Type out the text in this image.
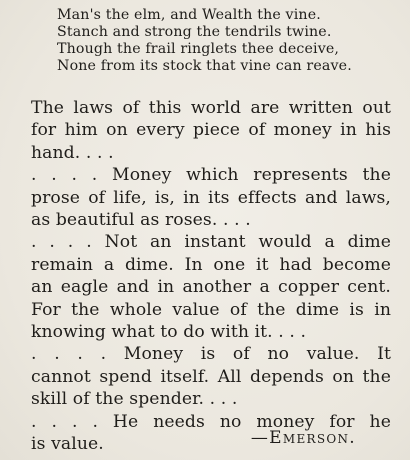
Man's the elm, and Wealth the vine.
Stanch and strong the tendrils twine.
Though the frail ringlets thee deceive,
None from its stock that vine can reave.
The laws of this world are written out
for him on every piece of money in his
hand. . . .
. . . . Money which represents the
prose of life, is, in its effects and laws,
as beautiful as roses. . . .
. . . . Not an instant would a dime
remain a dime. In one it had become
an eagle and in another a copper cent.
For the whole value of the dime is in
knowing what to do with it. . . .
. . . . Money is of no value. It
cannot spend itself. All depends on the
skill of the spender. . . .
. . . . He needs no money for he
is value.	—Emerson.
